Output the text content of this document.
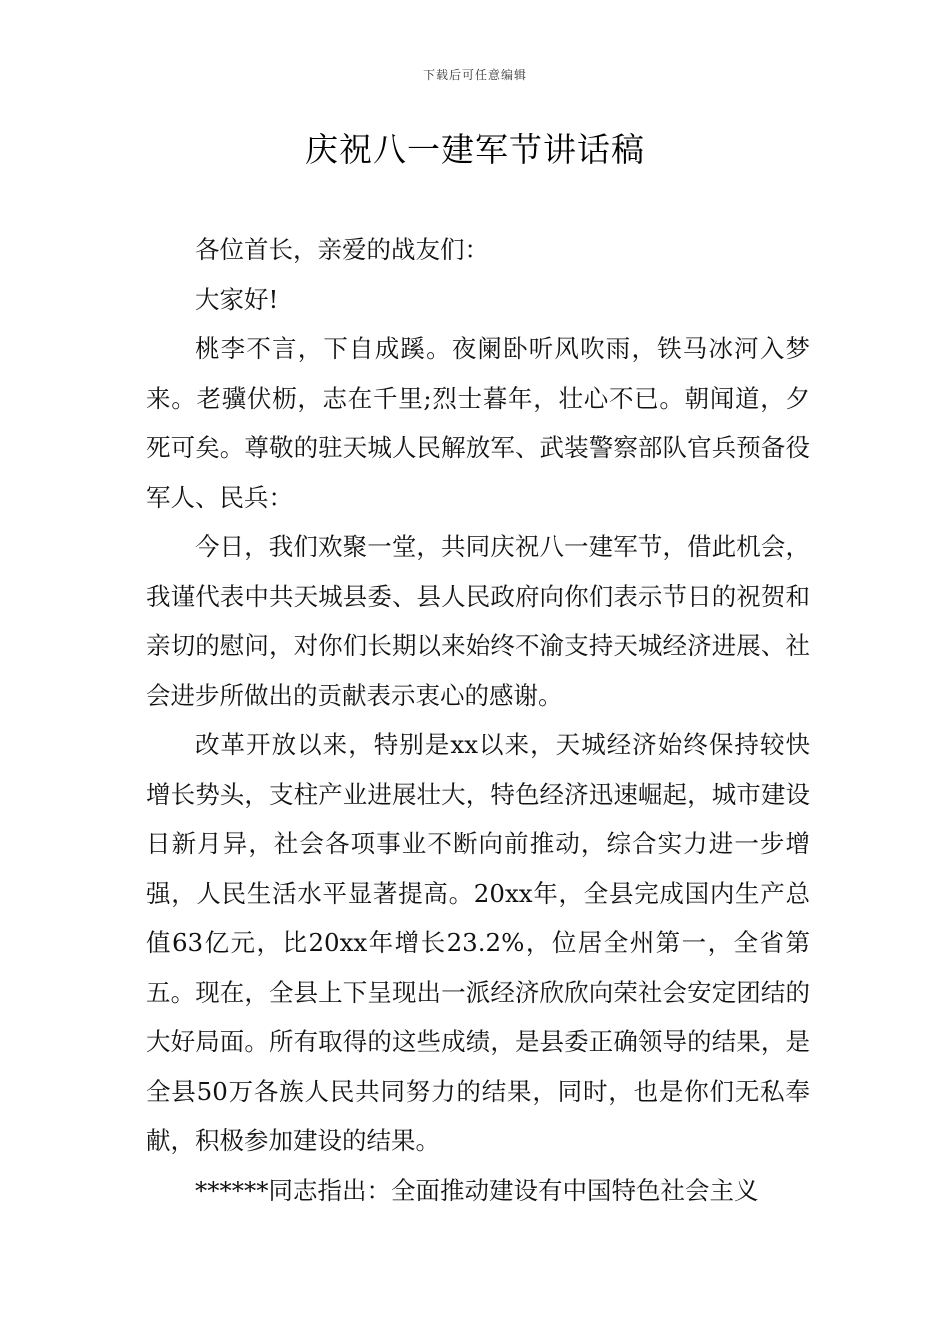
下载后可任意编辑
庆祝八一建军节讲话稿

各位首长，亲爱的战友们：

大家好!

桃李不言，下自成蹊。夜阑卧听风吹雨，铁马冰河入梦来。老骥伏枥，志在千里;烈士暮年，壮心不已。朝闻道，夕死可矣。尊敬的驻天城人民解放军、武装警察部队官兵预备役军人、民兵：

今日，我们欢聚一堂，共同庆祝八一建军节，借此机会，我谨代表中共天城县委、县人民政府向你们表示节日的祝贺和亲切的慰问，对你们长期以来始终不渝支持天城经济进展、社会进步所做出的贡献表示衷心的感谢。

改革开放以来，特别是xx以来，天城经济始终保持较快增长势头，支柱产业进展壮大，特色经济迅速崛起，城市建设日新月异，社会各项事业不断向前推动，综合实力进一步增强，人民生活水平显著提高。20xx年，全县完成国内生产总值63亿元，比20xx年增长23.2%，位居全州第一，全省第五。现在，全县上下呈现出一派经济欣欣向荣社会安定团结的大好局面。所有取得的这些成绩，是县委正确领导的结果，是全县50万各族人民共同努力的结果，同时，也是你们无私奉献，积极参加建设的结果。

******同志指出：全面推动建设有中国特色社会主义
